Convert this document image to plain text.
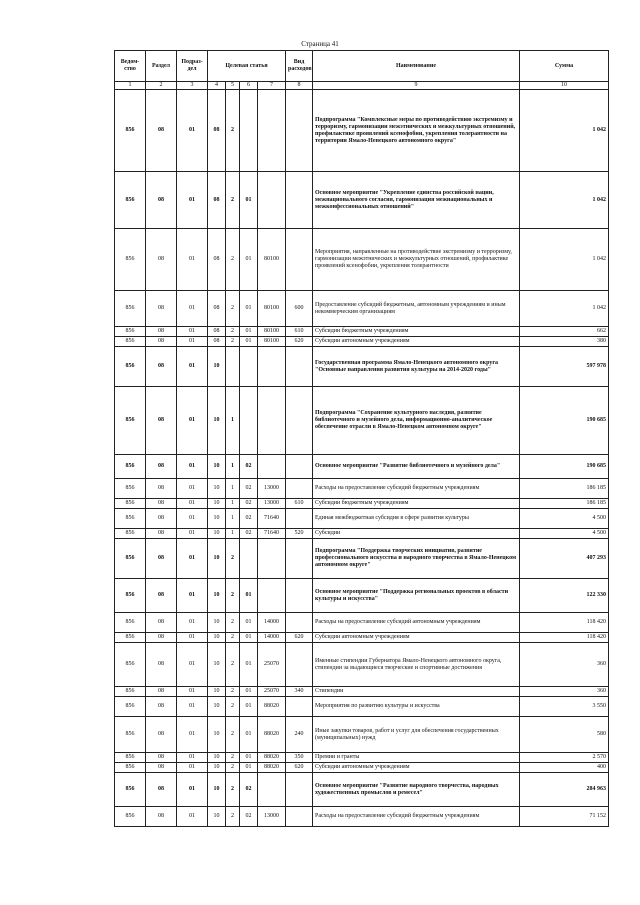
Страница 41
Ведом-ство	Раздел	Подраз-дел	Целевая статья				Вид расходов	Наименование	Сумма
1	2	3	4	5	6	7	8	9	10
856	08	01	08	2				Подпрограмма "Комплексные меры по противодействию экстремизму и терроризму, гармонизации межэтнических и межкультурных отношений, профилактике проявлений ксенофобии, укрепления толерантности на территории Ямало-Ненецкого автономного округа"	1 042
856	08	01	08	2	01			Основное мероприятие "Укрепление единства российской нации, межнационального согласия, гармонизация межнациональных и межконфессиональных отношений"	1 042
856	08	01	08	2	01	80100		Мероприятия, направленные на противодействие экстремизму и терроризму, гармонизации межэтнических и межкультурных отношений, профилактике проявлений ксенофобии, укрепления толерантности	1 042
856	08	01	08	2	01	80100	600	Предоставление субсидий бюджетным, автономным учреждениям и иным некоммерческим организациям	1 042
856	08	01	08	2	01	80100	610	Субсидии бюджетным учреждениям	662
856	08	01	08	2	01	80100	620	Субсидии автономным учреждениям	380
856	08	01	10					Государственная программа Ямало-Ненецкого автономного округа "Основные направления развития культуры на 2014-2020 годы"	597 978
856	08	01	10	1				Подпрограмма "Сохранение культурного наследия, развитие библиотечного и музейного дела, информационно-аналитическое обеспечение отрасли в Ямало-Ненецком автономном округе"	190 685
856	08	01	10	1	02			Основное мероприятие "Развитие библиотечного и музейного дела"	190 685
856	08	01	10	1	02	13000		Расходы на предоставление субсидий бюджетным учреждениям	186 185
856	08	01	10	1	02	13000	610	Субсидии бюджетным учреждениям	186 185
856	08	01	10	1	02	71640		Единая межбюджетная субсидия в сфере развития культуры	4 500
856	08	01	10	1	02	71640	520	Субсидии	4 500
856	08	01	10	2				Подпрограмма "Поддержка творческих инициатив, развитие профессионального искусства и народного творчества в Ямало-Ненецком автономном округе"	407 293
856	08	01	10	2	01			Основное мероприятие "Поддержка региональных проектов в области культуры и искусства"	122 330
856	08	01	10	2	01	14000		Расходы на предоставление субсидий автономным учреждениям	118 420
856	08	01	10	2	01	14000	620	Субсидии автономным учреждениям	118 420
856	08	01	10	2	01	25070		Именные стипендии Губернатора Ямало-Ненецкого автономного округа, стипендии за выдающиеся творческие и спортивные достижения	360
856	08	01	10	2	01	25070	340	Стипендии	360
856	08	01	10	2	01	88020		Мероприятия по развитию культуры и искусства	3 550
856	08	01	10	2	01	88020	240	Иные закупки товаров, работ и услуг для обеспечения государственных (муниципальных) нужд	580
856	08	01	10	2	01	88020	350	Премии и гранты	2 570
856	08	01	10	2	01	88020	620	Субсидии автономным учреждениям	400
856	08	01	10	2	02			Основное мероприятие "Развитие народного творчества, народных художественных промыслов и ремесел"	284 963
856	08	01	10	2	02	13000		Расходы на предоставление субсидий бюджетным учреждениям	71 152
